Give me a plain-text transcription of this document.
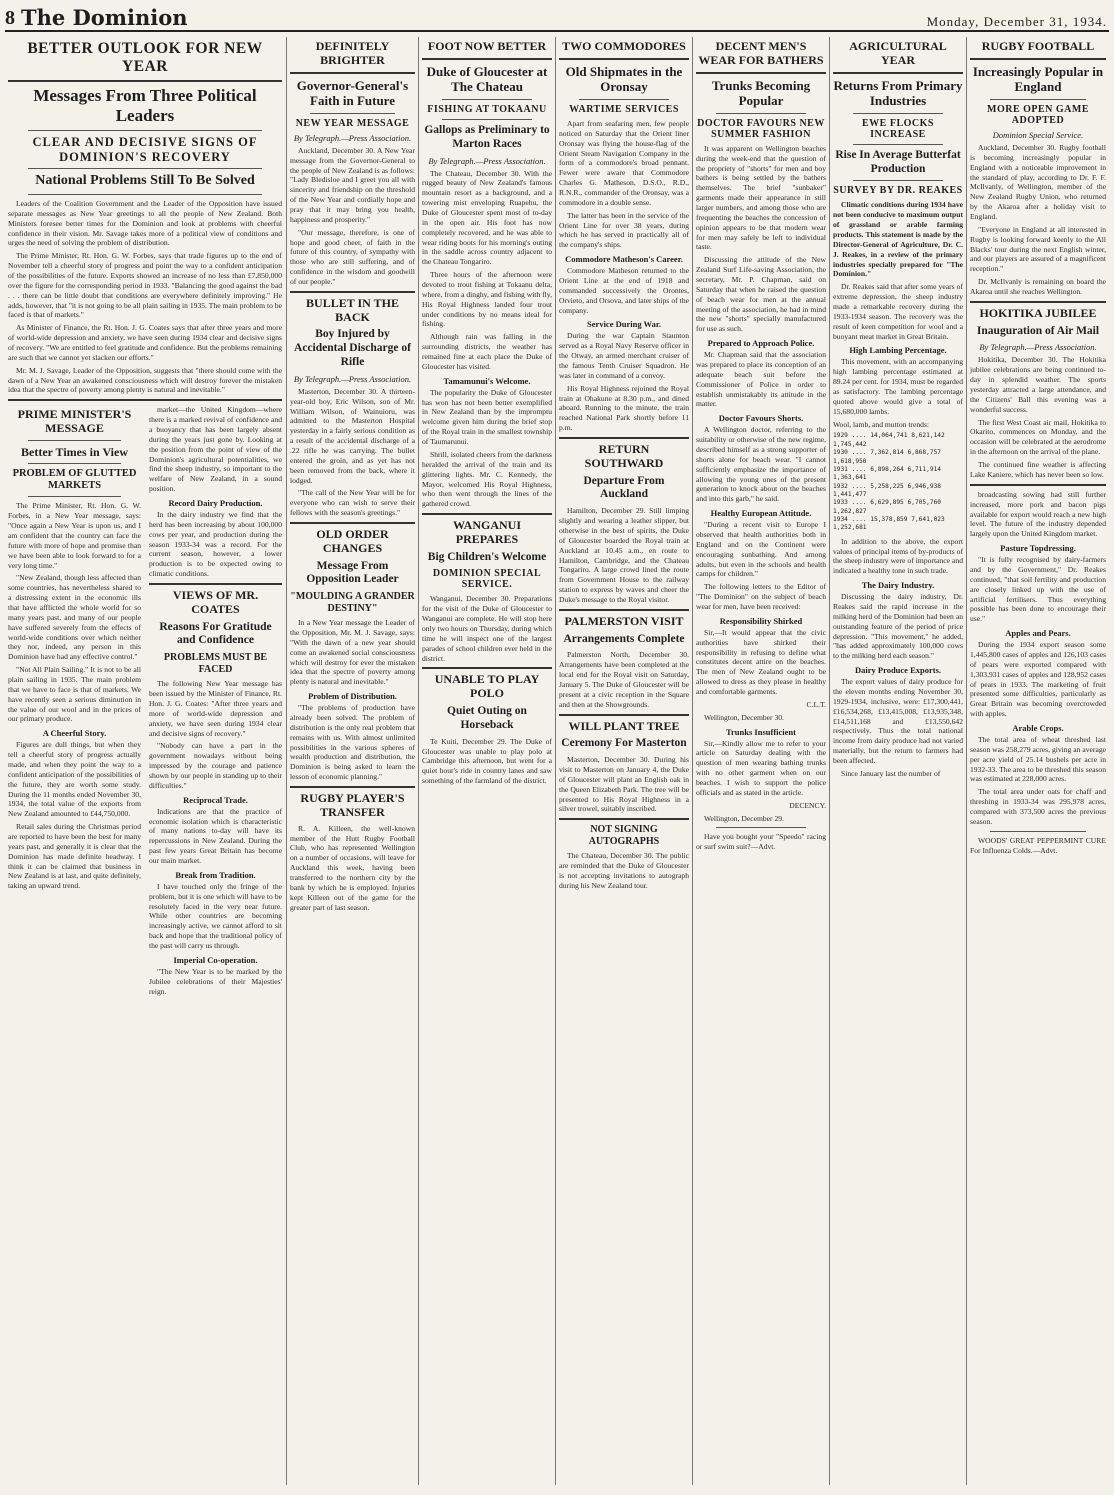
8 The Dominion	Monday, December 31, 1934.
BETTER OUTLOOK FOR NEW YEAR
Messages From Three Political Leaders
CLEAR AND DECISIVE SIGNS OF DOMINION'S RECOVERY
National Problems Still To Be Solved

Leaders of the Coalition Government and the Leader of the Opposition have issued separate messages as New Year greetings to all the people of New Zealand. Both Ministers foresee better times for the Dominion and look at problems with cheerful confidence in their vision. Mr. Savage takes more of a political view of conditions and urges the need of solving the problem of distribution.

The Prime Minister, Rt. Hon. G. W. Forbes, says that trade figures up to the end of November tell a cheerful story of progress and point the way to a confident anticipation of the possibilities of the future. Exports showed an increase of no less than £7,850,000 over the figure for the corresponding period in 1933. "Balancing the good against the bad . . . there can be little doubt that conditions are everywhere definitely improving." He adds, however, that "it is not going to be all plain sailing in 1935. The main problem to be faced is that of markets."

As Minister of Finance, the Rt. Hon. J. G. Coates says that after three years and more of world-wide depression and anxiety, we have seen during 1934 clear and decisive signs of recovery. "We are entitled to feel gratitude and confidence. But the problems remaining are such that we cannot yet slacken our efforts."

Mr. M. J. Savage, Leader of the Opposition, suggests that "there should come with the dawn of a New Year an awakened consciousness which will destroy forever the mistaken idea that the spectre of poverty among plenty is natural and inevitable."

PRIME MINISTER'S MESSAGE
Better Times in View
PROBLEM OF GLUTTED MARKETS

The Prime Minister, Rt. Hon. G. W. Forbes, in a New Year message, says: "Once again a New Year is upon us, and I am confident that the country can face the future with more of hope and promise than we have been able to look forward to for a very long time."

"New Zealand, though less affected than some countries, has nevertheless shared to a distressing extent in the economic ills that have afflicted the whole world for so many years past, and many of our people have suffered severely from the effects of world-wide conditions over which neither they nor, indeed, any person in this Dominion have had any effective control."

"Not All Plain Sailing." It is not to be all plain sailing in 1935. The main problem that we have to face is that of markets. We have recently seen a serious diminution in the value of our wool and in the prices of our primary produce.

A Cheerful Story.

Figures are dull things, but when they tell a cheerful story of progress actually made, and when they point the way to a confident anticipation of the possibilities of the future, they are worth some study. During the 11 months ended November 30, 1934, the total value of the exports from New Zealand amounted to £44,750,000.

Retail sales during the Christmas period are reported to have been the best for many years past, and generally it is clear that the Dominion has made definite headway. I think it can be claimed that business in New Zealand is at last, and quite definitely, taking an upward trend.

market—the United Kingdom—where there is a marked revival of confidence and a buoyancy that has been largely absent during the years just gone by. Looking at the position from the point of view of the Dominion's agricultural potentialities, we find the sheep industry, so important to the welfare of New Zealand, in a sound position.

Record Dairy Production.

In the dairy industry we find that the herd has been increasing by about 100,000 cows per year, and production during the season 1933-34 was a record. For the current season, however, a lower production is to be expected owing to climatic conditions.

VIEWS OF MR. COATES
Reasons For Gratitude and Confidence
PROBLEMS MUST BE FACED

The following New Year message has been issued by the Minister of Finance, Rt. Hon. J. G. Coates: "After three years and more of world-wide depression and anxiety, we have seen during 1934 clear and decisive signs of recovery."

"Nobody can have a part in the government nowadays without being impressed by the courage and patience shown by our people in standing up to their difficulties."

Reciprocal Trade.

Indications are that the practice of economic isolation which is characteristic of many nations to-day will have its repercussions in New Zealand. During the past few years Great Britain has become our main market.

Break from Tradition.

I have touched only the fringe of the problem, but it is one which will have to be resolutely faced in the very near future. While other countries are becoming increasingly active, we cannot afford to sit back and hope that the traditional policy of the past will carry us through.

Imperial Co-operation.

"The New Year is to be marked by the Jubilee celebrations of their Majesties' reign.

DEFINITELY BRIGHTER
Governor-General's Faith in Future
NEW YEAR MESSAGE
By Telegraph.—Press Association.

Auckland, December 30. A New Year message from the Governor-General to the people of New Zealand is as follows: "Lady Bledisloe and I greet you all with sincerity and friendship on the threshold of the New Year and cordially hope and pray that it may bring you health, happiness and prosperity."

"Our message, therefore, is one of hope and good cheer, of faith in the future of this country, of sympathy with those who are still suffering, and of confidence in the wisdom and goodwill of our people."

BULLET IN THE BACK
Boy Injured by Accidental Discharge of Rifle
By Telegraph.—Press Association.

Masterton, December 30. A thirteen-year-old boy, Eric Wilson, son of Mr. William Wilson, of Wainuioru, was admitted to the Masterton Hospital yesterday in a fairly serious condition as a result of the accidental discharge of a .22 rifle he was carrying. The bullet entered the groin, and as yet has not been removed from the back, where it lodged.

"The call of the New Year will be for everyone who can wish to serve their fellows with the season's greetings."

OLD ORDER CHANGES
Message From Opposition Leader
"MOULDING A GRANDER DESTINY"

In a New Year message the Leader of the Opposition, Mr. M. J. Savage, says: "With the dawn of a new year should come an awakened social consciousness which will destroy for ever the mistaken idea that the spectre of poverty among plenty is natural and inevitable."

Problem of Distribution.

"The problems of production have already been solved. The problem of distribution is the only real problem that remains with us. With almost unlimited possibilities in the various spheres of wealth production and distribution, the Dominion is being asked to learn the lesson of economic planning."

RUGBY PLAYER'S TRANSFER

R. A. Killeen, the well-known member of the Hutt Rugby Football Club, who has represented Wellington on a number of occasions, will leave for Auckland this week, having been transferred to the northern city by the bank by which he is employed. Injuries kept Killeen out of the game for the greater part of last season.

FOOT NOW BETTER
Duke of Gloucester at The Chateau
FISHING AT TOKAANU
Gallops as Preliminary to Marton Races
By Telegraph.—Press Association.

The Chateau, December 30. With the rugged beauty of New Zealand's famous mountain resort as a background, and a towering mist enveloping Ruapehu, the Duke of Gloucester spent most of to-day in the open air. His foot has now completely recovered, and he was able to wear riding boots for his morning's outing in the saddle across country adjacent to the Chateau Tongariro.

Three hours of the afternoon were devoted to trout fishing at Tokaanu delta, where, from a dinghy, and fishing with fly, His Royal Highness landed four trout under conditions by no means ideal for fishing.

Although rain was falling in the surrounding districts, the weather has remained fine at each place the Duke of Gloucester has visited.

Tamamunui's Welcome.

The popularity the Duke of Gloucester has won has not been better exemplified in New Zealand than by the impromptu welcome given him during the brief stop of the Royal train in the smallest township of Taumarunui.

Shrill, isolated cheers from the darkness heralded the arrival of the train and its glittering lights. Mr. C. Kennedy, the Mayor, welcomed His Royal Highness, who then went through the lines of the gathered crowd.

WANGANUI PREPARES
Big Children's Welcome
DOMINION SPECIAL SERVICE.

Wanganui, December 30. Preparations for the visit of the Duke of Gloucester to Wanganui are complete. He will stop here only two hours on Thursday, during which time he will inspect one of the largest parades of school children ever held in the district.

UNABLE TO PLAY POLO
Quiet Outing on Horseback

Te Kuiti, December 29. The Duke of Gloucester was unable to play polo at Cambridge this afternoon, but went for a quiet hour's ride in country lanes and saw something of the farmland of the district.

TWO COMMODORES
Old Shipmates in the Oronsay
WARTIME SERVICES

Apart from seafaring men, few people noticed on Saturday that the Orient liner Oronsay was flying the house-flag of the Orient Steam Navigation Company in the form of a commodore's broad pennant. Fewer were aware that Commodore Charles G. Matheson, D.S.O., R.D., R.N.R., commander of the Oronsay, was a commodore in a double sense.

The latter has been in the service of the Orient Line for over 38 years, during which he has served in practically all of the company's ships.

Commodore Matheson's Career.

Commodore Matheson returned to the Orient Line at the end of 1918 and commanded successively the Orontes, Orvieto, and Orsova, and later ships of the company.

Service During War.

During the war Captain Staunton served as a Royal Navy Reserve officer in the Otway, an armed merchant cruiser of the famous Tenth Cruiser Squadron. He was later in command of a convoy.

His Royal Highness rejoined the Royal train at Ohakune at 8.30 p.m., and dined aboard. Running to the minute, the train reached National Park shortly before 11 p.m.

RETURN SOUTHWARD
Departure From Auckland

Hamilton, December 29. Still limping slightly and wearing a leather slipper, but otherwise in the best of spirits, the Duke of Gloucester boarded the Royal train at Auckland at 10.45 a.m., en route to Hamilton, Cambridge, and the Chateau Tongariro. A large crowd lined the route from Government House to the railway station to express by waves and cheer the Duke's message to the Royal visitor.

PALMERSTON VISIT
Arrangements Complete

Palmerston North, December 30. Arrangements have been completed at the local end for the Royal visit on Saturday, January 5. The Duke of Gloucester will be present at a civic reception in the Square and then at the Showgrounds.

WILL PLANT TREE
Ceremony For Masterton

Masterton, December 30. During his visit to Masterton on January 4, the Duke of Gloucester will plant an English oak in the Queen Elizabeth Park. The tree will be presented to His Royal Highness in a silver trowel, suitably inscribed.

NOT SIGNING AUTOGRAPHS

The Chateau, December 30. The public are reminded that the Duke of Gloucester is not accepting invitations to autograph during his New Zealand tour.

DECENT MEN'S WEAR FOR BATHERS
Trunks Becoming Popular
DOCTOR FAVOURS NEW SUMMER FASHION

It was apparent on Wellington beaches during the week-end that the question of the propriety of "shorts" for men and boy bathers is being settled by the bathers themselves. The brief "sunbaker" garments made their appearance in still larger numbers, and among those who are frequenting the beaches the concession of opinion appears to be that modern wear for men may safely be left to individual taste.

Discussing the attitude of the New Zealand Surf Life-saving Association, the secretary, Mr. P. Chapman, said on Saturday that when he raised the question of beach wear for men at the annual meeting of the association, he had in mind the new "shorts" specially manufactured for use as such.

Prepared to Approach Police.

Mr. Chapman said that the association was prepared to place its conception of an adequate beach suit before the Commissioner of Police in order to establish unmistakably its attitude in the matter.

Doctor Favours Shorts.

A Wellington doctor, referring to the suitability or otherwise of the new regime, described himself as a strong supporter of shorts alone for beach wear. "I cannot sufficiently emphasize the importance of allowing the young ones of the present generation to knock about on the beaches and into this garb," he said.

Healthy European Attitude.

"During a recent visit to Europe I observed that health authorities both in England and on the Continent were encouraging sunbathing. And among adults, but even in the schools and health camps for children."

The following letters to the Editor of "The Dominion" on the subject of beach wear for men, have been received:

Responsibility Shirked

Sir,—It would appear that the civic authorities have shirked their responsibility in refusing to define what constitutes decent attire on the beaches. The men of New Zealand ought to be allowed to dress as they please in healthy and comfortable garments.

C.L.T.

Wellington, December 30.

Trunks Insufficient

Sir,—Kindly allow me to refer to your article on Saturday dealing with the question of men wearing bathing trunks with no other garment when on our beaches. I wish to support the police officials and as stated in the article.

DECENCY.

Wellington, December 29.

Have you bought your "Speedo" racing or surf swim suit?—Advt.

AGRICULTURAL YEAR
Returns From Primary Industries
EWE FLOCKS INCREASE
Rise In Average Butterfat Production
SURVEY BY DR. REAKES

Climatic conditions during 1934 have not been conducive to maximum output of grassland or arable farming products. This statement is made by the Director-General of Agriculture, Dr. C. J. Reakes, in a review of the primary industries specially prepared for "The Dominion."

Dr. Reakes said that after some years of extreme depression, the sheep industry made a remarkable recovery during the 1933-1934 season. The recovery was the result of keen competition for wool and a buoyant meat market in Great Britain.

High Lambing Percentage.

This movement, with an accompanying high lambing percentage estimated at 89.24 per cent. for 1934, must be regarded as satisfactory. The lambing percentage quoted above would give a total of 15,680,000 lambs.

Wool, lamb, and mutton trends:

1929 .... 14,064,741 8,621,142 1,745,442
1930 .... 7,362,814 6,868,757 1,618,950
1931 .... 6,898,264 6,711,914 1,363,641
1932 .... 5,258,225 6,946,938 1,441,477
1933 .... 6,629,895 6,705,760 1,262,827
1934 .... 15,378,859 7,641,023 1,252,681

In addition to the above, the export values of principal items of by-products of the sheep industry were of importance and indicated a healthy tone in such trade.

The Dairy Industry.

Discussing the dairy industry, Dr. Reakes said the rapid increase in the milking herd of the Dominion had been an outstanding feature of the period of price depression. "This movement," he added, "has added approximately 100,000 cows to the milking herd each season."

Dairy Produce Exports.

The export values of dairy produce for the eleven months ending November 30, 1929-1934, inclusive, were: £17,300,441, £16,534,268, £13,415,008, £13,935,348, £14,511,168 and £13,550,642 respectively. Thus the total national income from dairy produce had not varied materially, but the return to farmers had been affected.

Since January last the number of

RUGBY FOOTBALL
Increasingly Popular in England
MORE OPEN GAME ADOPTED
Dominion Special Service.

Auckland, December 30. Rugby football is becoming increasingly popular in England with a noticeable improvement in the standard of play, according to Dr. F. F. McIlvanly, of Wellington, member of the New Zealand Rugby Union, who returned by the Akaroa after a holiday visit to England.

"Everyone in England at all interested in Rugby is looking forward keenly to the All Blacks' tour during the next English winter, and our players are assured of a magnificent reception."

Dr. McIlvanly is remaining on board the Akaroa until she reaches Wellington.

HOKITIKA JUBILEE
Inauguration of Air Mail
By Telegraph.—Press Association.

Hokitika, December 30. The Hokitika jubilee celebrations are being continued to-day in splendid weather. The sports yesterday attracted a large attendance, and the Citizens' Ball this evening was a wonderful success.

The first West Coast air mail, Hokitika to Okarito, commences on Monday, and the occasion will be celebrated at the aerodrome in the afternoon on the arrival of the plane.

The continued fine weather is affecting Lake Kaniere, which has never been so low.

broadcasting sowing had still further increased, more pork and bacon pigs available for export would reach a new high level. The future of the industry depended largely upon the United Kingdom market.

Pasture Topdressing.

"It is fully recognised by dairy-farmers and by the Government," Dr. Reakes continued, "that soil fertility and production are closely linked up with the use of artificial fertilisers. Thus everything possible has been done to encourage their use."

Apples and Pears.

During the 1934 export season some 1,445,800 cases of apples and 126,103 cases of pears were exported compared with 1,303,931 cases of apples and 128,952 cases of pears in 1933. The marketing of fruit presented some difficulties, particularly as Great Britain was becoming overcrowded with apples.

Arable Crops.

The total area of wheat threshed last season was 258,279 acres, giving an average per acre yield of 25.14 bushels per acre in 1932-33. The area to be threshed this season was estimated at 228,000 acres.

The total area under oats for chaff and threshing in 1933-34 was 295,978 acres, compared with 373,500 acres the previous season.

WOODS' GREAT PEPPERMINT CURE For Influenza Colds.—Advt.
